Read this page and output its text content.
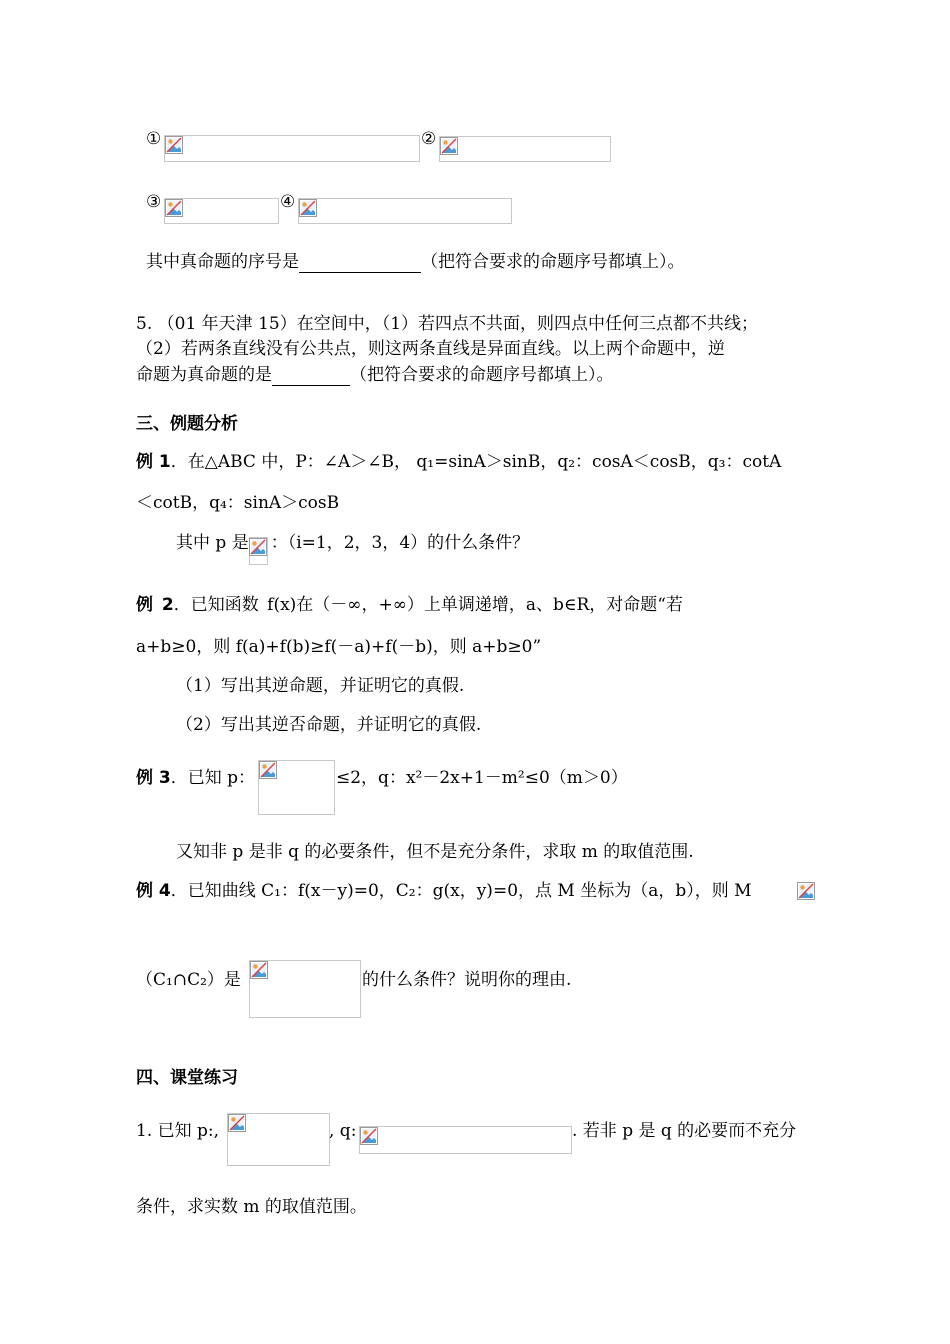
①	②
③	④
其中真命题的序号是	（把符合要求的命题序号都填上）。
5. （01 年天津 15）在空间中，（1）若四点不共面，则四点中任何三点都不共线；
（2）若两条直线没有公共点，则这两条直线是异面直线。以上两个命题中，逆
命题为真命题的是	（把符合要求的命题序号都填上）。
三、例题分析
例 1．在△ABC 中，P：∠A＞∠B， q₁=sinA＞sinB，q₂：cosA＜cosB，q₃：cotA
＜cotB，q₄：sinA＞cosB
其中 p 是 ：（i=1，2，3，4）的什么条件？
例 2．已知函数 f(x)在（－∞，+∞）上单调递增，a、b∈R，对命题“若
a+b≥0，则 f(a)+f(b)≥f(－a)+f(－b)，则 a+b≥0”
（1）写出其逆命题，并证明它的真假.
（2）写出其逆否命题，并证明它的真假.
例 3．已知 p：	≤2，q：x²－2x+1－m²≤0（m＞0）
又知非 p 是非 q 的必要条件，但不是充分条件，求取 m 的取值范围.
例 4．已知曲线 C₁：f(x－y)=0，C₂：g(x，y)=0，点 M 坐标为（a，b），则 M
（C₁∩C₂）是	的什么条件？说明你的理由.
四、课堂练习
1. 已知 p:,	, q:	. 若非 p 是 q 的必要而不充分
条件，求实数 m 的取值范围。
